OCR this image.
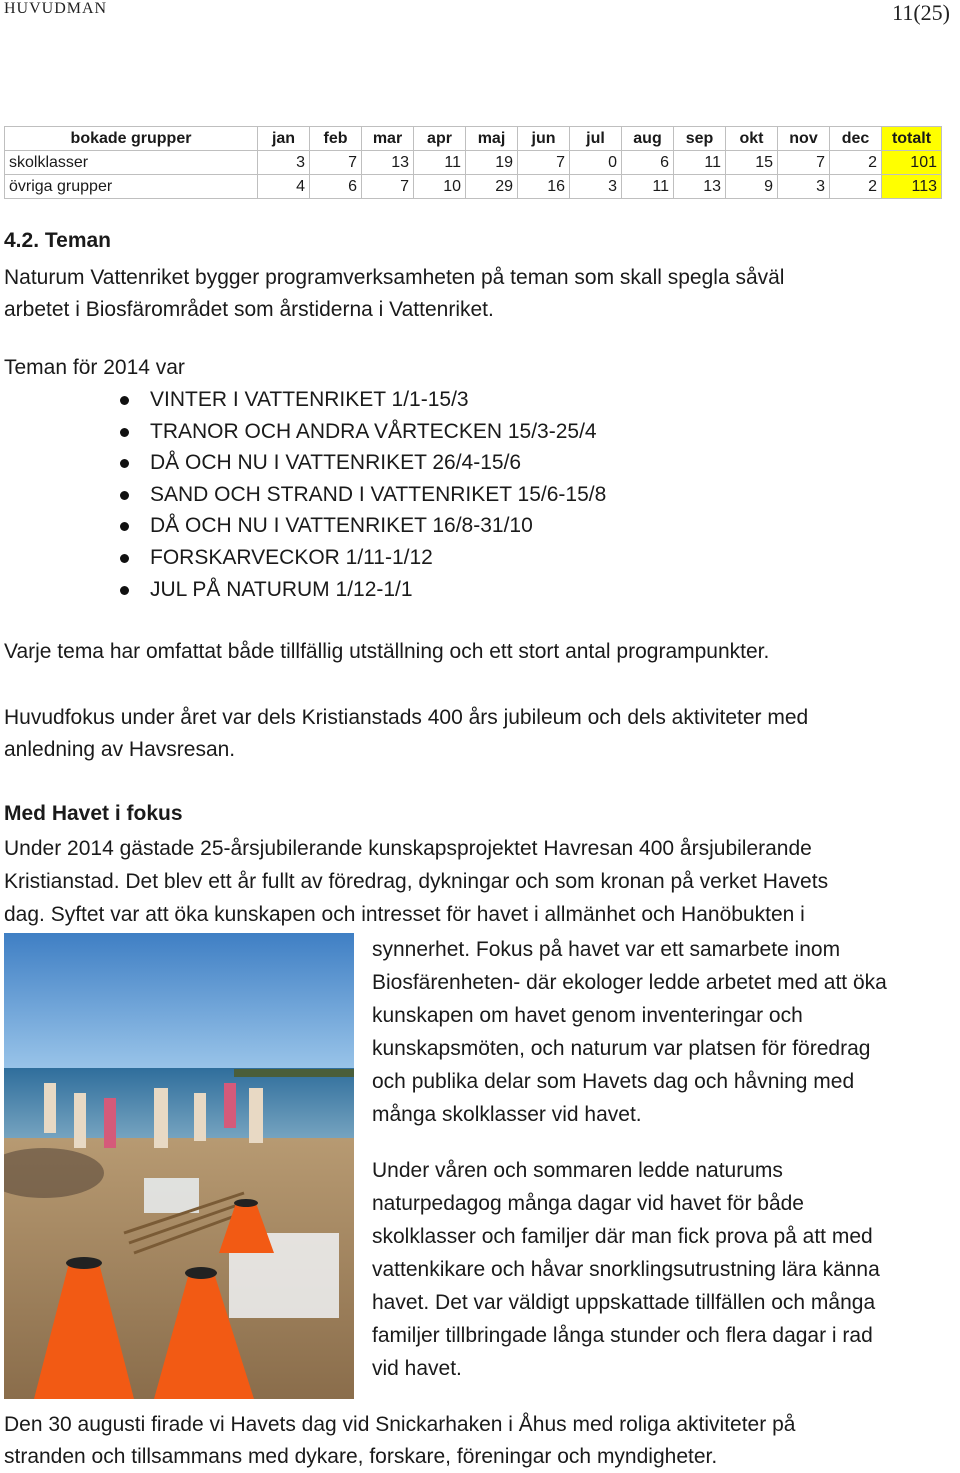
HUVUDMAN	11(25)
bokade grupper	jan	feb	mar	apr	maj	jun	jul	aug	sep	okt	nov	dec	totalt
skolklasser	3	7	13	11	19	7	0	6	11	15	7	2	101
övriga grupper	4	6	7	10	29	16	3	11	13	9	3	2	113
4.2. Teman
Naturum Vattenriket bygger programverksamheten på teman som skall spegla såväl
arbetet i Biosfärområdet som årstiderna i Vattenriket.
Teman för 2014 var
VINTER I VATTENRIKET 1/1-15/3
TRANOR OCH ANDRA VÅRTECKEN 15/3-25/4
DÅ OCH NU I VATTENRIKET 26/4-15/6
SAND OCH STRAND I VATTENRIKET 15/6-15/8
DÅ OCH NU I VATTENRIKET 16/8-31/10
FORSKARVECKOR 1/11-1/12
JUL PÅ NATURUM 1/12-1/1
Varje tema har omfattat både tillfällig utställning och ett stort antal programpunkter.
Huvudfokus under året var dels Kristianstads 400 års jubileum och dels aktiviteter med
anledning av Havsresan.
Med Havet i fokus
Under 2014 gästade 25-årsjubilerande kunskapsprojektet Havresan 400 årsjubilerande
Kristianstad. Det blev ett år fullt av föredrag, dykningar och som kronan på verket Havets
dag. Syftet var att öka kunskapen och intresset för havet i allmänhet och Hanöbukten i
synnerhet. Fokus på havet var ett samarbete inom
Biosfärenheten- där ekologer ledde arbetet med att öka
kunskapen om havet genom inventeringar och
kunskapsmöten, och naturum var platsen för föredrag
och publika delar som Havets dag och håvning med
många skolklasser vid havet.
Under våren och sommaren ledde naturums
naturpedagog många dagar vid havet för både
skolklasser och familjer där man fick prova på att med
vattenkikare och håvar snorklingsutrustning lära känna
havet. Det var väldigt uppskattade tillfällen och många
familjer tillbringade långa stunder och flera dagar i rad
vid havet.
Den 30 augusti firade vi Havets dag vid Snickarhaken i Åhus med roliga aktiviteter på
stranden och tillsammans med dykare, forskare, föreningar och myndigheter.
